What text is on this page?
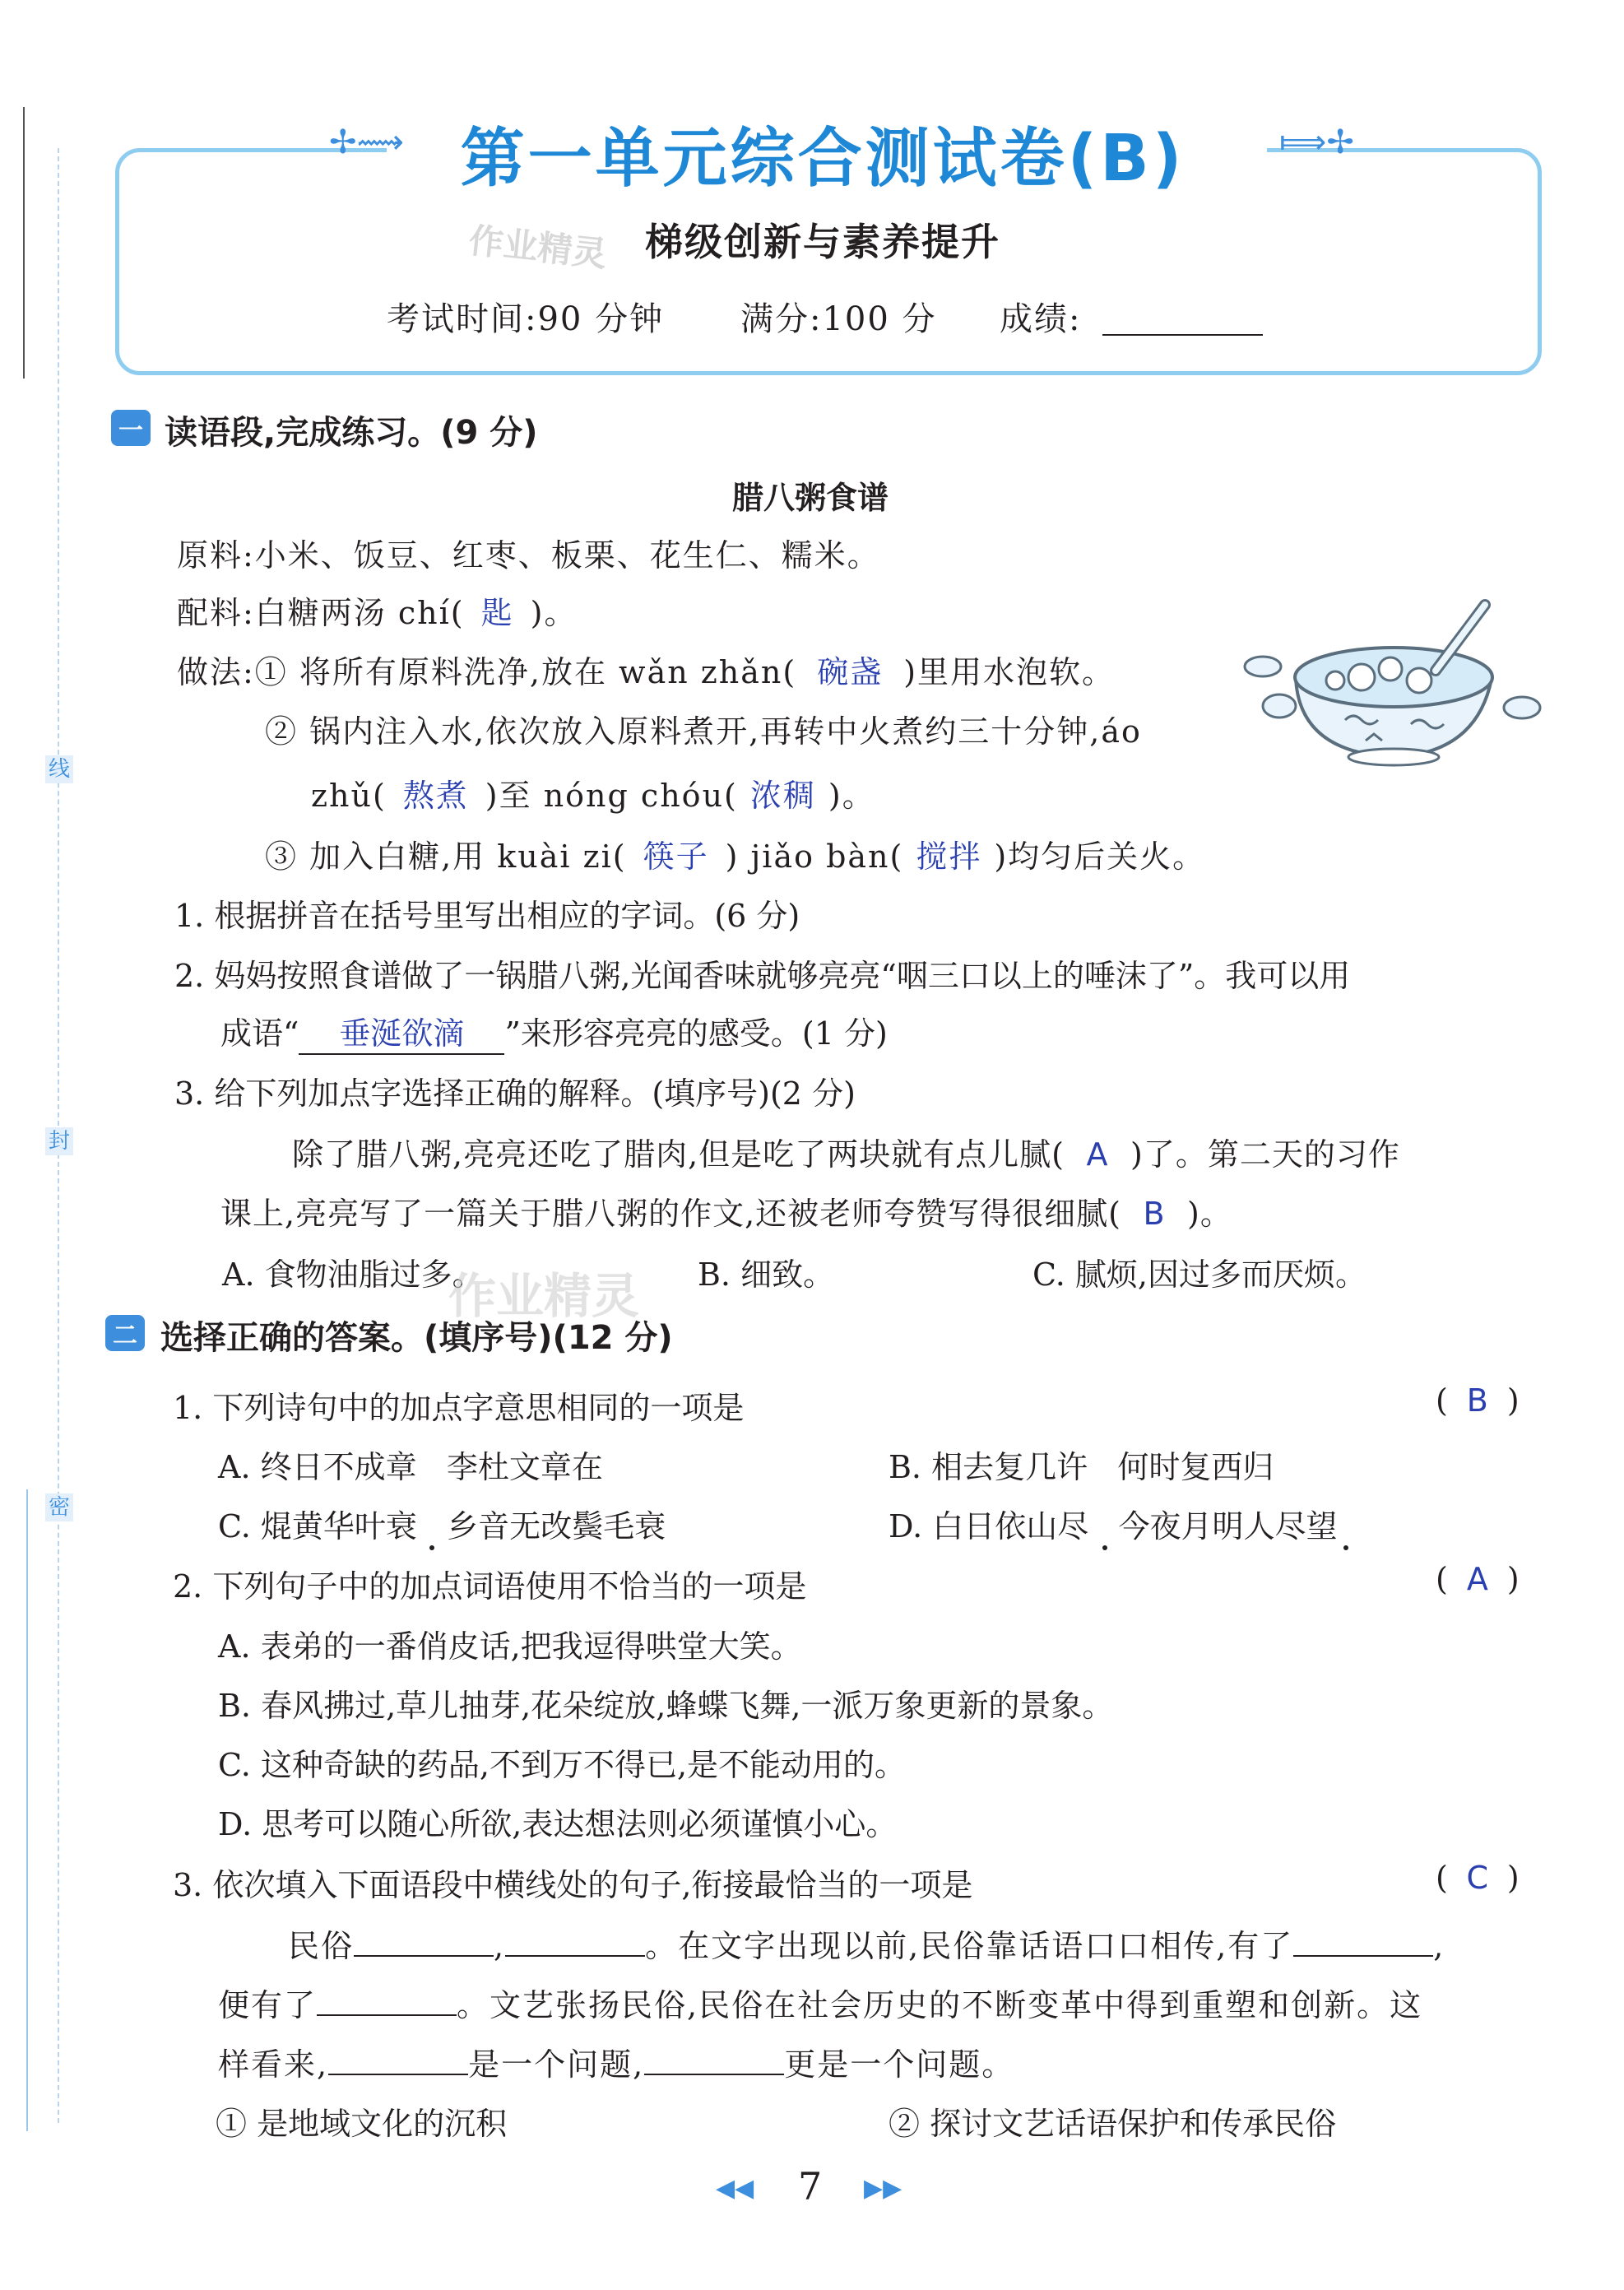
线
封
密
✢⟿	⟾✢
第一单元综合测试卷(B)
梯级创新与素养提升
作业精灵
考试时间:90 分钟 满分:100 分 成绩:
一 读语段,完成练习。(9 分)
腊八粥食谱
原料:小米、饭豆、红枣、板栗、花生仁、糯米。
配料:白糖两汤 chí( 匙 )。
做法:① 将所有原料洗净,放在 wǎn zhǎn( 碗盏 )里用水泡软。
② 锅内注入水,依次放入原料煮开,再转中火煮约三十分钟,áo
zhǔ( 熬煮 )至 nóng chóu( 浓稠 )。
③ 加入白糖,用 kuài zi( 筷子 ) jiǎo bàn( 搅拌 )均匀后关火。
1. 根据拼音在括号里写出相应的字词。(6 分)
2. 妈妈按照食谱做了一锅腊八粥,光闻香味就够亮亮“咽三口以上的唾沫了”。我可以用
成语“ 垂涎欲滴 ”来形容亮亮的感受。(1 分)
3. 给下列加点字选择正确的解释。(填序号)(2 分)
除了腊八粥,亮亮还吃了腊肉,但是吃了两块就有点儿腻( A )了。第二天的习作
课上,亮亮写了一篇关于腊八粥的作文,还被老师夸赞写得很细腻( B )。
A. 食物油脂过多。	B. 细致。	C. 腻烦,因过多而厌烦。
作业精灵
二 选择正确的答案。(填序号)(12 分)
1. 下列诗句中的加点字意思相同的一项是	( B )
A. 终日不成章   李杜文章在	B. 相去复几许   何时复西归
C. 焜黄华叶衰   乡音无改鬓毛衰	D. 白日依山尽   今夜月明人尽望
2. 下列句子中的加点词语使用不恰当的一项是	( A )
A. 表弟的一番俏皮话,把我逗得哄堂大笑。
B. 春风拂过,草儿抽芽,花朵绽放,蜂蝶飞舞,一派万象更新的景象。
C. 这种奇缺的药品,不到万不得已,是不能动用的。
D. 思考可以随心所欲,表达想法则必须谨慎小心。
3. 依次填入下面语段中横线处的句子,衔接最恰当的一项是	( C )
民俗	,	。在文字出现以前,民俗靠话语口口相传,有了	,
便有了	。文艺张扬民俗,民俗在社会历史的不断变革中得到重塑和创新。这
样看来,	是一个问题,	更是一个问题。
① 是地域文化的沉积	② 探讨文艺话语保护和传承民俗
◀◀ 7 ▶▶
